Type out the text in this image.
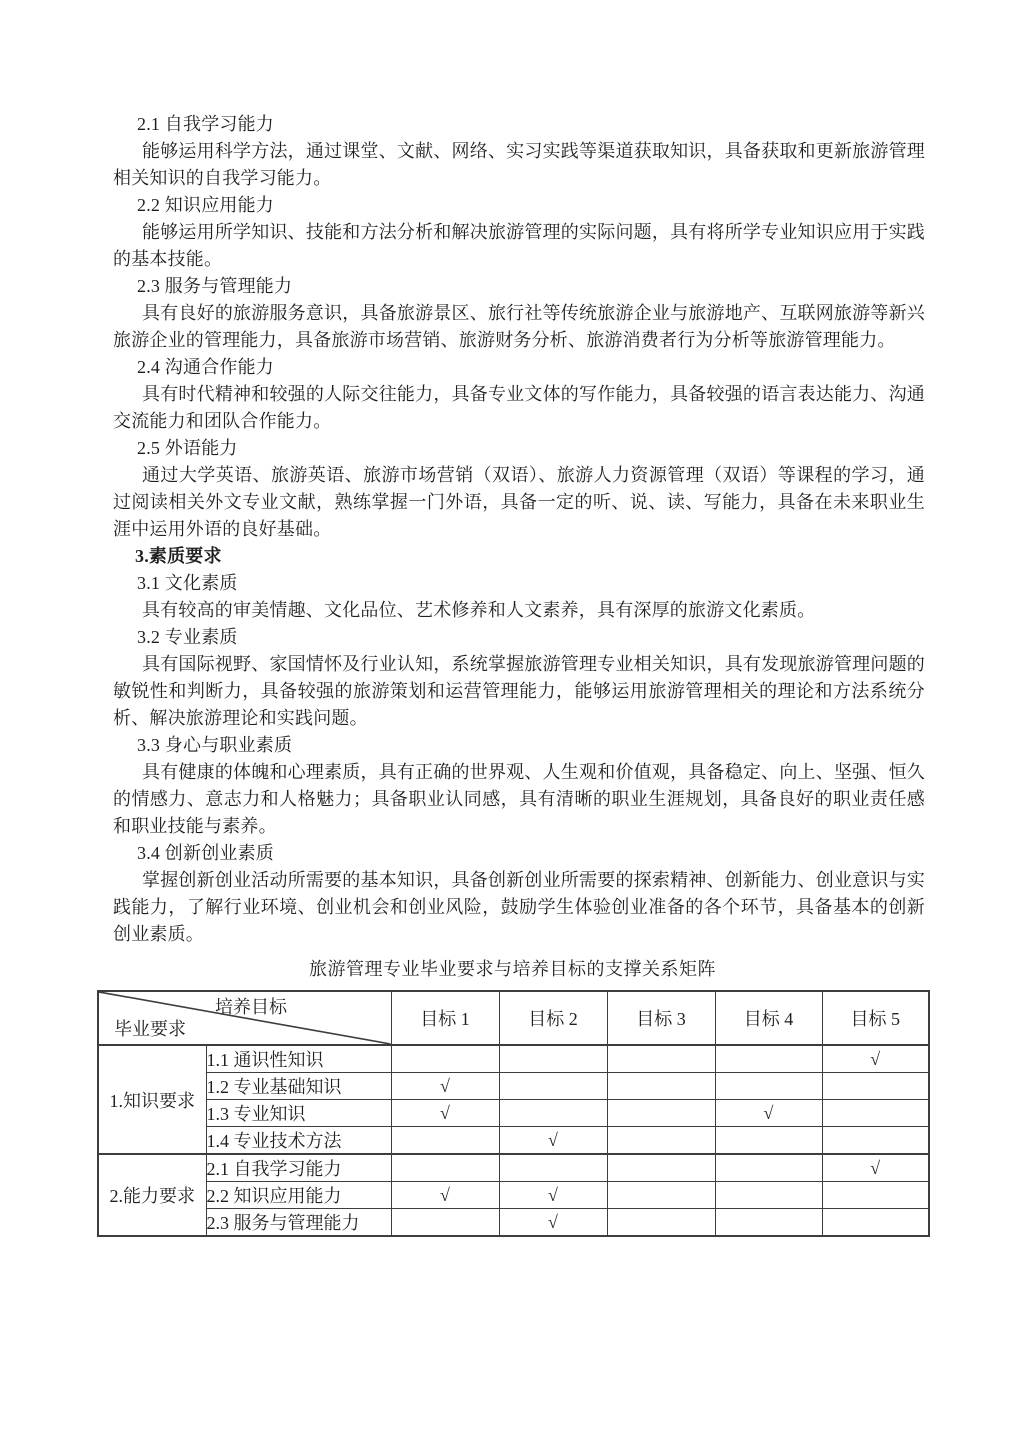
2.1 自我学习能力

能够运用科学方法，通过课堂、文献、网络、实习实践等渠道获取知识，具备获取和更新旅游管理相关知识的自我学习能力。

2.2 知识应用能力

能够运用所学知识、技能和方法分析和解决旅游管理的实际问题，具有将所学专业知识应用于实践的基本技能。

2.3 服务与管理能力

具有良好的旅游服务意识，具备旅游景区、旅行社等传统旅游企业与旅游地产、互联网旅游等新兴旅游企业的管理能力，具备旅游市场营销、旅游财务分析、旅游消费者行为分析等旅游管理能力。

2.4 沟通合作能力

具有时代精神和较强的人际交往能力，具备专业文体的写作能力，具备较强的语言表达能力、沟通交流能力和团队合作能力。

2.5 外语能力

通过大学英语、旅游英语、旅游市场营销（双语）、旅游人力资源管理（双语）等课程的学习，通过阅读相关外文专业文献，熟练掌握一门外语，具备一定的听、说、读、写能力，具备在未来职业生涯中运用外语的良好基础。

3.素质要求

3.1 文化素质

具有较高的审美情趣、文化品位、艺术修养和人文素养，具有深厚的旅游文化素质。

3.2 专业素质

具有国际视野、家国情怀及行业认知，系统掌握旅游管理专业相关知识，具有发现旅游管理问题的敏锐性和判断力，具备较强的旅游策划和运营管理能力，能够运用旅游管理相关的理论和方法系统分析、解决旅游理论和实践问题。

3.3 身心与职业素质

具有健康的体魄和心理素质，具有正确的世界观、人生观和价值观，具备稳定、向上、坚强、恒久的情感力、意志力和人格魅力；具备职业认同感，具有清晰的职业生涯规划，具备良好的职业责任感和职业技能与素养。

3.4 创新创业素质

掌握创新创业活动所需要的基本知识，具备创新创业所需要的探索精神、创新能力、创业意识与实践能力，了解行业环境、创业机会和创业风险，鼓励学生体验创业准备的各个环节，具备基本的创新创业素质。

旅游管理专业毕业要求与培养目标的支撑关系矩阵

培养目标
毕业要求		目标 1	目标 2	目标 3	目标 4	目标 5
1.知识要求	1.1 通识性知识					√
	1.2 专业基础知识	√				
	1.3 专业知识	√			√	
	1.4 专业技术方法		√			
2.能力要求	2.1 自我学习能力					√
	2.2 知识应用能力	√	√			
	2.3 服务与管理能力		√			
